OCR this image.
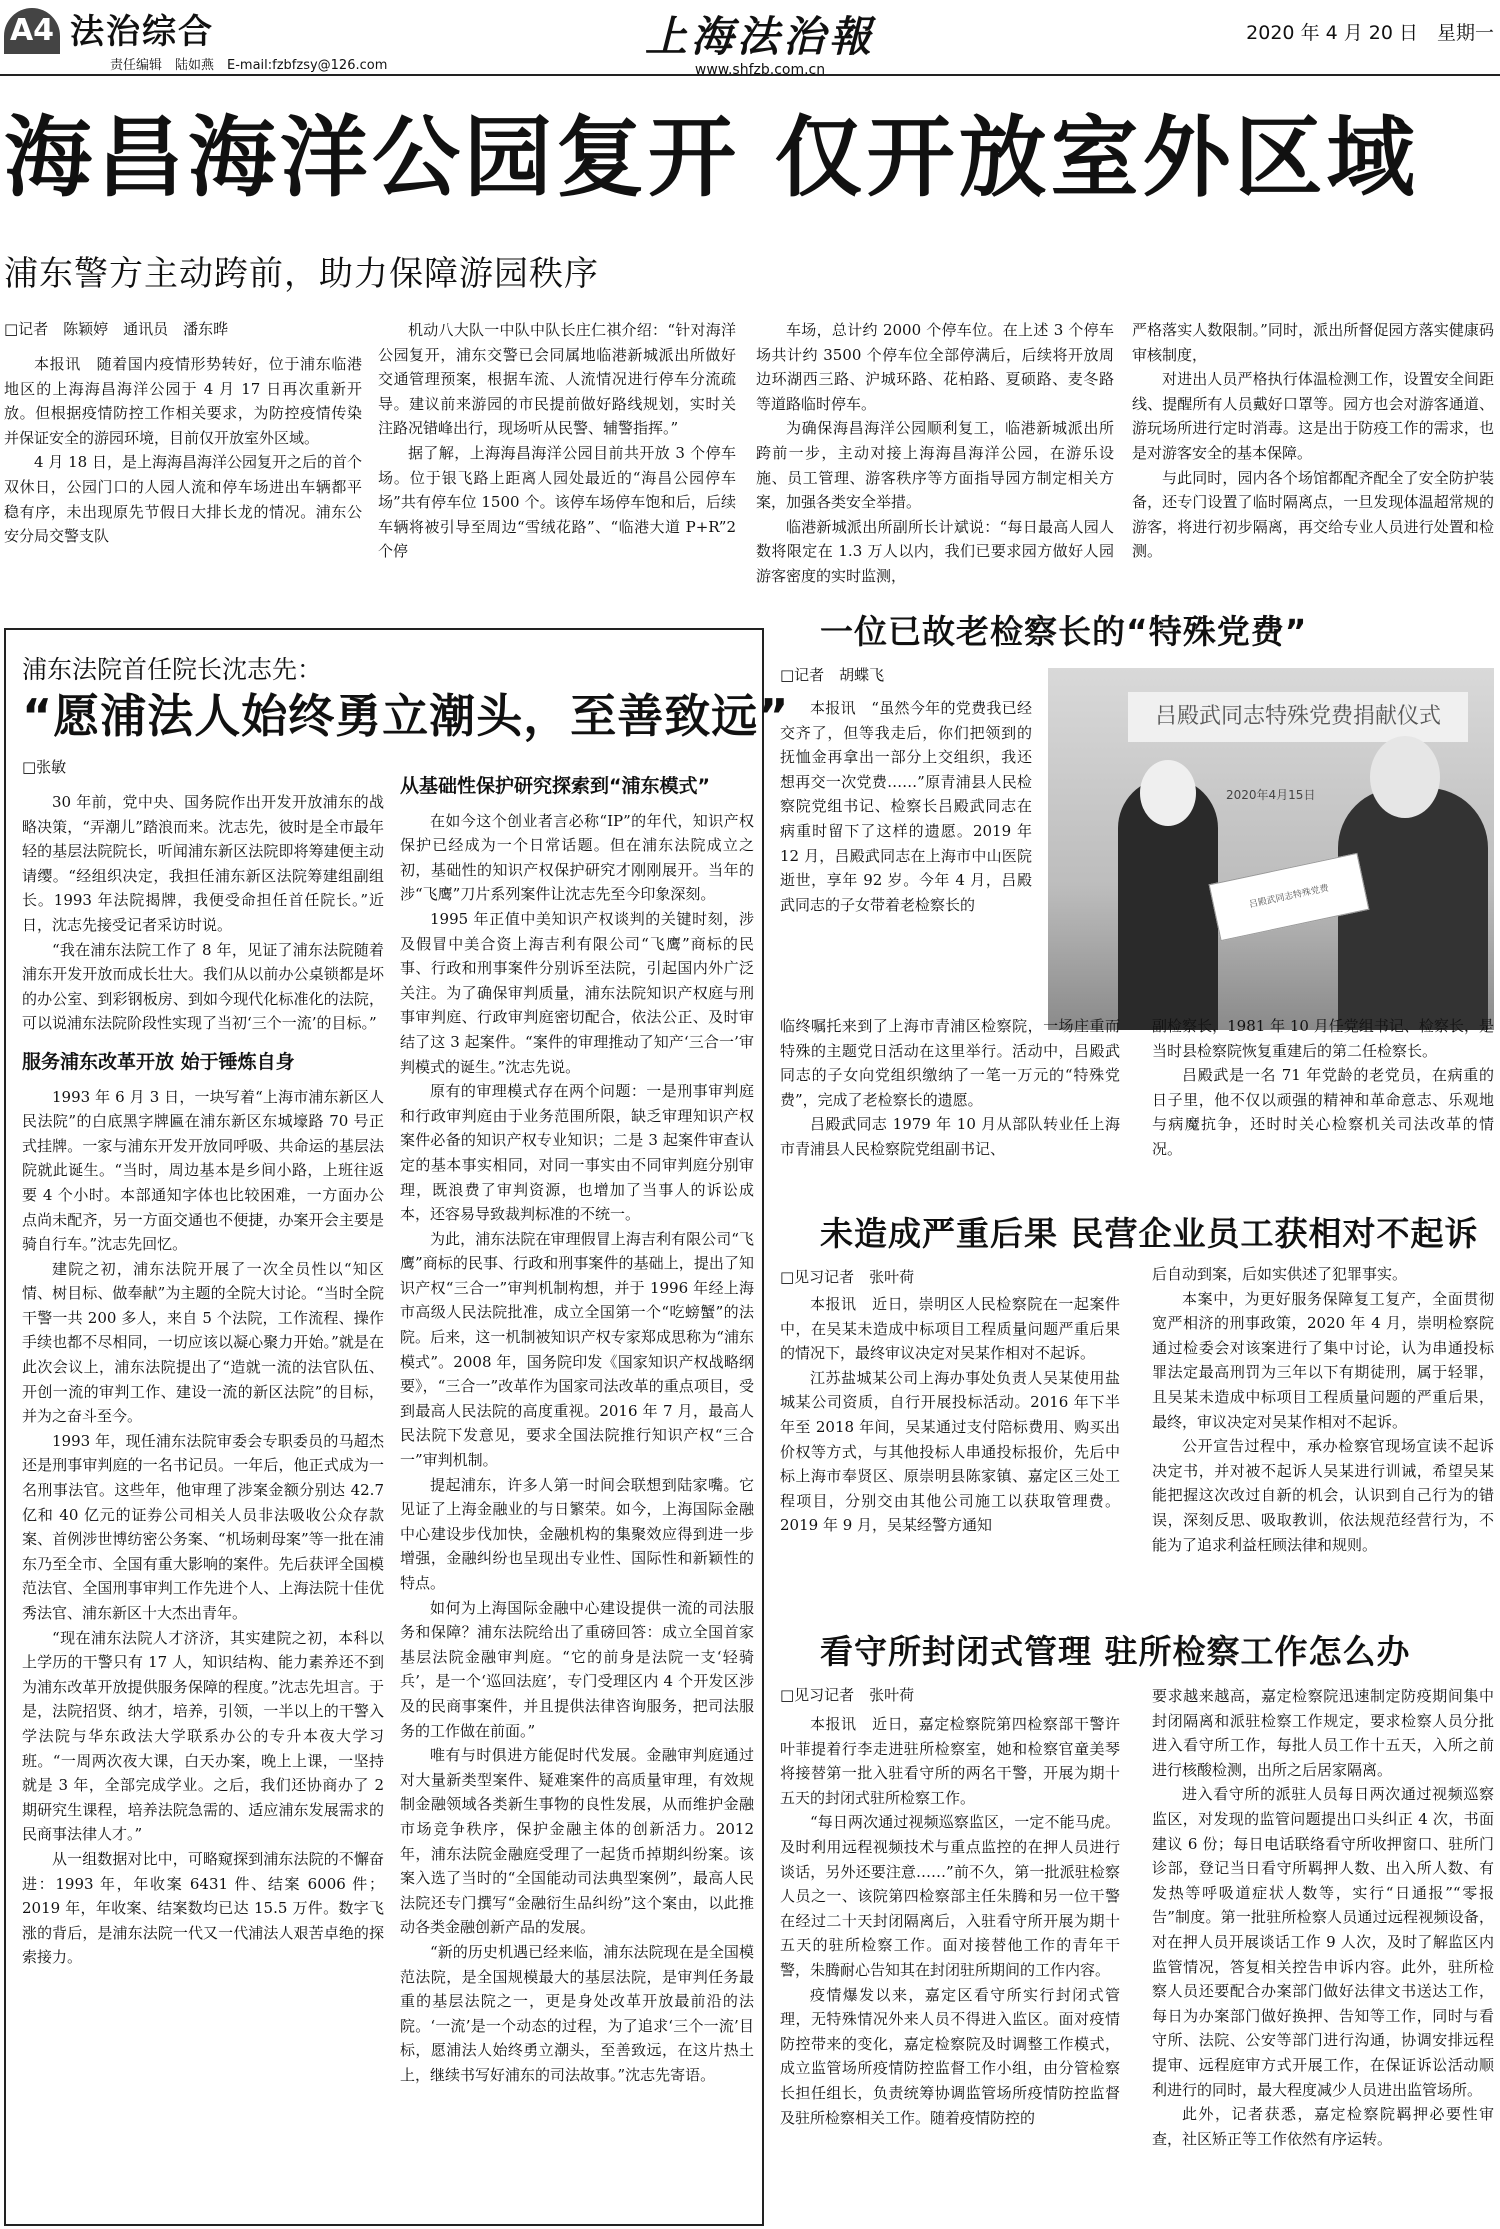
A4 法治综合
责任编辑　陆如燕　E-mail:fzbfzsy@126.com
上海法治報
www.shfzb.com.cn
2020 年 4 月 20 日　星期一
海昌海洋公园复开 仅开放室外区域
浦东警方主动跨前，助力保障游园秩序
□记者　陈颖婷　通讯员　潘东晔

本报讯　随着国内疫情形势转好，位于浦东临港地区的上海海昌海洋公园于 4 月 17 日再次重新开放。但根据疫情防控工作相关要求，为防控疫情传染并保证安全的游园环境，目前仅开放室外区域。

4 月 18 日，是上海海昌海洋公园复开之后的首个双休日，公园门口的人园人流和停车场进出车辆都平稳有序，未出现原先节假日大排长龙的情况。浦东公安分局交警支队

机动八大队一中队中队长庄仁祺介绍：“针对海洋公园复开，浦东交警已会同属地临港新城派出所做好交通管理预案，根据车流、人流情况进行停车分流疏导。建议前来游园的市民提前做好路线规划，实时关注路况错峰出行，现场听从民警、辅警指挥。”

据了解，上海海昌海洋公园目前共开放 3 个停车场。位于银飞路上距离人园处最近的“海昌公园停车场”共有停车位 1500 个。该停车场停车饱和后，后续车辆将被引导至周边“雪绒花路”、“临港大道 P+R”2 个停

车场，总计约 2000 个停车位。在上述 3 个停车场共计约 3500 个停车位全部停满后，后续将开放周边环湖西三路、沪城环路、花柏路、夏硕路、麦冬路等道路临时停车。

为确保海昌海洋公园顺利复工，临港新城派出所跨前一步，主动对接上海海昌海洋公园，在游乐设施、员工管理、游客秩序等方面指导园方制定相关方案，加强各类安全举措。

临港新城派出所副所长计斌说：“每日最高人园人数将限定在 1.3 万人以内，我们已要求园方做好人园游客密度的实时监测，

严格落实人数限制。”同时，派出所督促园方落实健康码审核制度，

对进出人员严格执行体温检测工作，设置安全间距线、提醒所有人员戴好口罩等。园方也会对游客通道、游玩场所进行定时消毒。这是出于防疫工作的需求，也是对游客安全的基本保障。

与此同时，园内各个场馆都配齐配全了安全防护装备，还专门设置了临时隔离点，一旦发现体温超常规的游客，将进行初步隔离，再交给专业人员进行处置和检测。

浦东法院首任院长沈志先：
“愿浦法人始终勇立潮头，至善致远”
□张敏

30 年前，党中央、国务院作出开发开放浦东的战略决策，“弄潮儿”踏浪而来。沈志先，彼时是全市最年轻的基层法院院长，听闻浦东新区法院即将筹建便主动请缨。“经组织决定，我担任浦东新区法院筹建组副组长。1993 年法院揭牌，我便受命担任首任院长。”近日，沈志先接受记者采访时说。

“我在浦东法院工作了 8 年，见证了浦东法院随着浦东开发开放而成长壮大。我们从以前办公桌锁都是坏的办公室、到彩钢板房、到如今现代化标准化的法院，可以说浦东法院阶段性实现了当初‘三个一流’的目标。”

服务浦东改革开放 始于锤炼自身

1993 年 6 月 3 日，一块写着“上海市浦东新区人民法院”的白底黑字牌匾在浦东新区东城壕路 70 号正式挂牌。一家与浦东开发开放同呼吸、共命运的基层法院就此诞生。“当时，周边基本是乡间小路，上班往返要 4 个小时。本部通知字体也比较困难，一方面办公点尚未配齐，另一方面交通也不便捷，办案开会主要是骑自行车。”沈志先回忆。

建院之初，浦东法院开展了一次全员性以“知区情、树目标、做奉献”为主题的全院大讨论。“当时全院干警一共 200 多人，来自 5 个法院，工作流程、操作手续也都不尽相同，一切应该以凝心聚力开始。”就是在此次会议上，浦东法院提出了“造就一流的法官队伍、开创一流的审判工作、建设一流的新区法院”的目标，并为之奋斗至今。

1993 年，现任浦东法院审委会专职委员的马超杰还是刑事审判庭的一名书记员。一年后，他正式成为一名刑事法官。这些年，他审理了涉案金额分别达 42.7 亿和 40 亿元的证券公司相关人员非法吸收公众存款案、首例涉世博纺密公务案、“机场刺母案”等一批在浦东乃至全市、全国有重大影响的案件。先后获评全国模范法官、全国刑事审判工作先进个人、上海法院十佳优秀法官、浦东新区十大杰出青年。

“现在浦东法院人才济济，其实建院之初，本科以上学历的干警只有 17 人，知识结构、能力素养还不到为浦东改革开放提供服务保障的程度。”沈志先坦言。于是，法院招贤、纳才，培养，引领，一半以上的干警入学法院与华东政法大学联系办公的专升本夜大学习班。“一周两次夜大课，白天办案，晚上上课，一坚持就是 3 年，全部完成学业。之后，我们还协商办了 2 期研究生课程，培养法院急需的、适应浦东发展需求的民商事法律人才。”

从一组数据对比中，可略窥探到浦东法院的不懈奋进：1993 年，年收案 6431 件、结案 6006 件；2019 年，年收案、结案数均已达 15.5 万件。数字飞涨的背后，是浦东法院一代又一代浦法人艰苦卓绝的探索接力。

从基础性保护研究探索到“浦东模式”

在如今这个创业者言必称“IP”的年代，知识产权保护已经成为一个日常话题。但在浦东法院成立之初，基础性的知识产权保护研究才刚刚展开。当年的涉“飞鹰”刀片系列案件让沈志先至今印象深刻。

1995 年正值中美知识产权谈判的关键时刻，涉及假冒中美合资上海吉利有限公司“飞鹰”商标的民事、行政和刑事案件分别诉至法院，引起国内外广泛关注。为了确保审判质量，浦东法院知识产权庭与刑事审判庭、行政审判庭密切配合，依法公正、及时审结了这 3 起案件。“案件的审理推动了知产‘三合一’审判模式的诞生。”沈志先说。

原有的审理模式存在两个问题：一是刑事审判庭和行政审判庭由于业务范围所限，缺乏审理知识产权案件必备的知识产权专业知识；二是 3 起案件审查认定的基本事实相同，对同一事实由不同审判庭分别审理，既浪费了审判资源，也增加了当事人的诉讼成本，还容易导致裁判标准的不统一。

为此，浦东法院在审理假冒上海吉利有限公司“飞鹰”商标的民事、行政和刑事案件的基础上，提出了知识产权“三合一”审判机制构想，并于 1996 年经上海市高级人民法院批准，成立全国第一个“吃螃蟹”的法院。后来，这一机制被知识产权专家郑成思称为“浦东模式”。2008 年，国务院印发《国家知识产权战略纲要》，“三合一”改革作为国家司法改革的重点项目，受到最高人民法院的高度重视。2016 年 7 月，最高人民法院下发意见，要求全国法院推行知识产权“三合一”审判机制。

提起浦东，许多人第一时间会联想到陆家嘴。它见证了上海金融业的与日繁荣。如今，上海国际金融中心建设步伐加快，金融机构的集聚效应得到进一步增强，金融纠纷也呈现出专业性、国际性和新颖性的特点。

如何为上海国际金融中心建设提供一流的司法服务和保障？浦东法院给出了重磅回答：成立全国首家基层法院金融审判庭。“它的前身是法院一支‘轻骑兵’，是一个‘巡回法庭’，专门受理区内 4 个开发区涉及的民商事案件，并且提供法律咨询服务，把司法服务的工作做在前面。”

唯有与时俱进方能促时代发展。金融审判庭通过对大量新类型案件、疑难案件的高质量审理，有效规制金融领域各类新生事物的良性发展，从而维护金融市场竞争秩序，保护金融主体的创新活力。2012 年，浦东法院金融庭受理了一起货币掉期纠纷案。该案入选了当时的“全国能动司法典型案例”，最高人民法院还专门撰写“金融衍生品纠纷”这个案由，以此推动各类金融创新产品的发展。

“新的历史机遇已经来临，浦东法院现在是全国模范法院，是全国规模最大的基层法院，是审判任务最重的基层法院之一，更是身处改革开放最前沿的法院。‘一流’是一个动态的过程，为了追求‘三个一流’目标，愿浦法人始终勇立潮头，至善致远，在这片热土上，继续书写好浦东的司法故事。”沈志先寄语。

一位已故老检察长的“特殊党费”
□记者　胡蝶飞

本报讯　“虽然今年的党费我已经交齐了，但等我走后，你们把领到的抚恤金再拿出一部分上交组织，我还想再交一次党费……”原青浦县人民检察院党组书记、检察长吕殿武同志在病重时留下了这样的遗愿。2019 年 12 月，吕殿武同志在上海市中山医院逝世，享年 92 岁。今年 4 月，吕殿武同志的子女带着老检察长的

吕殿武同志特殊党费捐献仪式
2020年4月15日
吕殿武同志特殊党费

临终嘱托来到了上海市青浦区检察院，一场庄重而特殊的主题党日活动在这里举行。活动中，吕殿武同志的子女向党组织缴纳了一笔一万元的“特殊党费”，完成了老检察长的遗愿。

吕殿武同志 1979 年 10 月从部队转业任上海市青浦县人民检察院党组副书记、

副检察长，1981 年 10 月任党组书记、检察长，是当时县检察院恢复重建后的第二任检察长。

吕殿武是一名 71 年党龄的老党员，在病重的日子里，他不仅以顽强的精神和革命意志、乐观地与病魔抗争，还时时关心检察机关司法改革的情况。

未造成严重后果 民营企业员工获相对不起诉
□见习记者　张叶荷

本报讯　近日，崇明区人民检察院在一起案件中，在吴某未造成中标项目工程质量问题严重后果的情况下，最终审议决定对吴某作相对不起诉。

江苏盐城某公司上海办事处负责人吴某使用盐城某公司资质，自行开展投标活动。2016 年下半年至 2018 年间，吴某通过支付陪标费用、购买出价权等方式，与其他投标人串通投标报价，先后中标上海市奉贤区、原崇明县陈家镇、嘉定区三处工程项目，分别交由其他公司施工以获取管理费。2019 年 9 月，吴某经警方通知

后自动到案，后如实供述了犯罪事实。

本案中，为更好服务保障复工复产，全面贯彻宽严相济的刑事政策，2020 年 4 月，崇明检察院通过检委会对该案进行了集中讨论，认为串通投标罪法定最高刑罚为三年以下有期徒刑，属于轻罪，且吴某未造成中标项目工程质量问题的严重后果，最终，审议决定对吴某作相对不起诉。

公开宣告过程中，承办检察官现场宣读不起诉决定书，并对被不起诉人吴某进行训诫，希望吴某能把握这次改过自新的机会，认识到自己行为的错误，深刻反思、吸取教训，依法规范经营行为，不能为了追求利益枉顾法律和规则。

看守所封闭式管理 驻所检察工作怎么办
□见习记者　张叶荷

本报讯　近日，嘉定检察院第四检察部干警许叶菲提着行李走进驻所检察室，她和检察官童美琴将接替第一批入驻看守所的两名干警，开展为期十五天的封闭式驻所检察工作。

“每日两次通过视频巡察监区，一定不能马虎。及时利用远程视频技术与重点监控的在押人员进行谈话，另外还要注意……”前不久，第一批派驻检察人员之一、该院第四检察部主任朱腾和另一位干警在经过二十天封闭隔离后，入驻看守所开展为期十五天的驻所检察工作。面对接替他工作的青年干警，朱腾耐心告知其在封闭驻所期间的工作内容。

疫情爆发以来，嘉定区看守所实行封闭式管理，无特殊情况外来人员不得进入监区。面对疫情防控带来的变化，嘉定检察院及时调整工作模式，成立监管场所疫情防控监督工作小组，由分管检察长担任组长，负责统筹协调监管场所疫情防控监督及驻所检察相关工作。随着疫情防控的

要求越来越高，嘉定检察院迅速制定防疫期间集中封闭隔离和派驻检察工作规定，要求检察人员分批进入看守所工作，每批人员工作十五天，入所之前进行核酸检测，出所之后居家隔离。

进入看守所的派驻人员每日两次通过视频巡察监区，对发现的监管问题提出口头纠正 4 次，书面建议 6 份；每日电话联络看守所收押窗口、驻所门诊部，登记当日看守所羁押人数、出入所人数、有发热等呼吸道症状人数等，实行“日通报”“零报告”制度。第一批驻所检察人员通过远程视频设备，对在押人员开展谈话工作 9 人次，及时了解监区内监管情况，答复相关控告申诉内容。此外，驻所检察人员还要配合办案部门做好法律文书送达工作，每日为办案部门做好换押、告知等工作，同时与看守所、法院、公安等部门进行沟通，协调安排远程提审、远程庭审方式开展工作，在保证诉讼活动顺利进行的同时，最大程度减少人员进出监管场所。

此外，记者获悉，嘉定检察院羁押必要性审查，社区矫正等工作依然有序运转。
